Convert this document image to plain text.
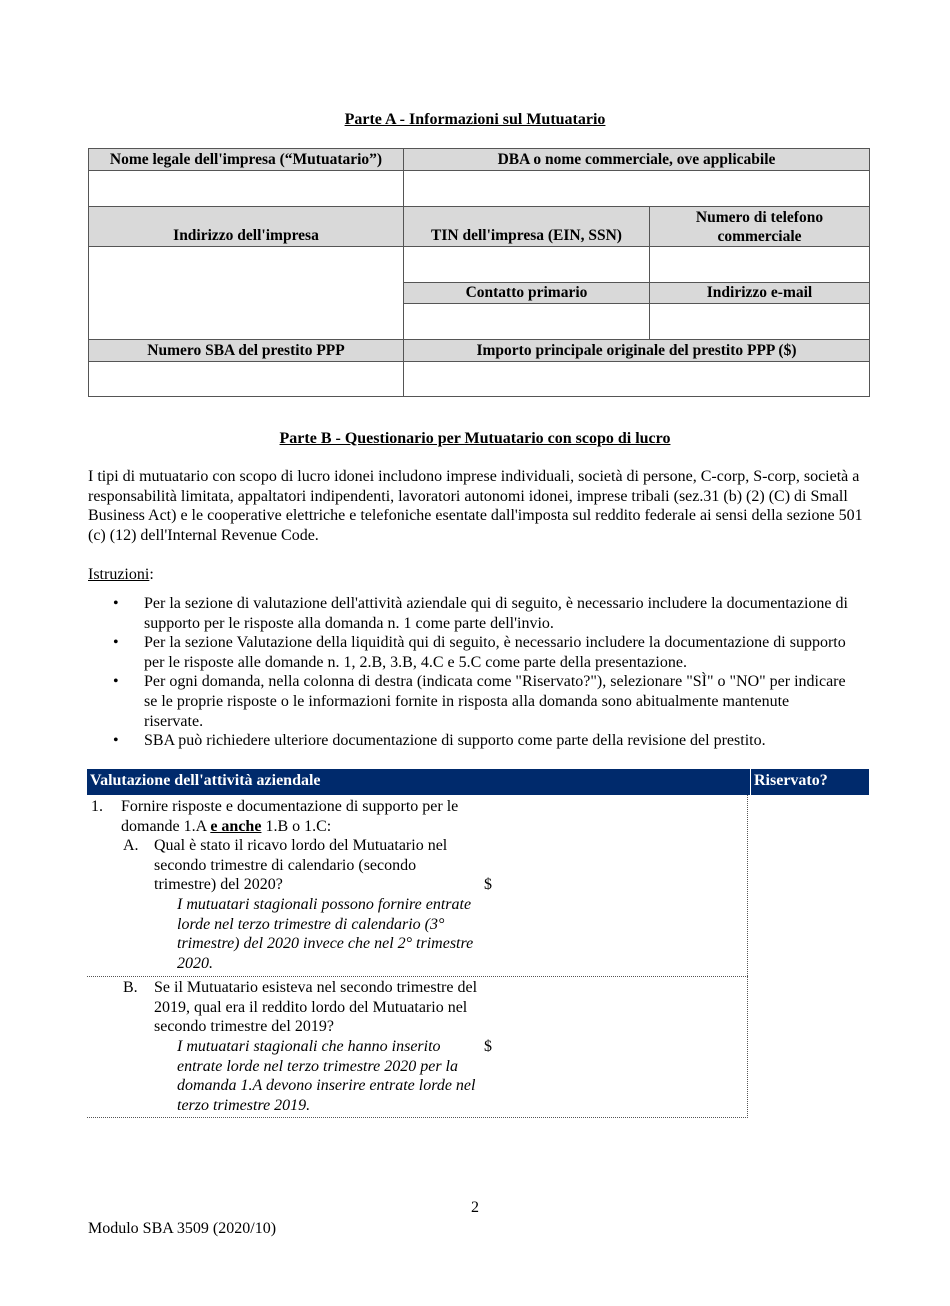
Parte A - Informazioni sul Mutuatario
Nome legale dell'impresa (“Mutuatario”)	DBA o nome commerciale, ove applicabile	

Indirizzo dell'impresa	TIN dell'impresa (EIN, SSN)	Numero di telefono commerciale

	Contatto primario	Indirizzo e-mail

Numero SBA del prestito PPP	Importo principale originale del prestito PPP ($)	

Parte B - Questionario per Mutuatario con scopo di lucro
I tipi di mutuatario con scopo di lucro idonei includono imprese individuali, società di persone, C-corp, S-corp, società a responsabilità limitata, appaltatori indipendenti, lavoratori autonomi idonei, imprese tribali (sez.31 (b) (2) (C) di Small Business Act) e le cooperative elettriche e telefoniche esentate dall'imposta sul reddito federale ai sensi della sezione 501 (c) (12) dell'Internal Revenue Code.
Istruzioni:
• Per la sezione di valutazione dell'attività aziendale qui di seguito, è necessario includere la documentazione di supporto per le risposte alla domanda n. 1 come parte dell'invio.
• Per la sezione Valutazione della liquidità qui di seguito, è necessario includere la documentazione di supporto per le risposte alle domande n. 1, 2.B, 3.B, 4.C e 5.C come parte della presentazione.
• Per ogni domanda, nella colonna di destra (indicata come "Riservato?"), selezionare "SÌ" o "NO" per indicare se le proprie risposte o le informazioni fornite in risposta alla domanda sono abitualmente mantenute riservate.
• SBA può richiedere ulteriore documentazione di supporto come parte della revisione del prestito.
Valutazione dell'attività aziendale	Riservato?
1. Fornire risposte e documentazione di supporto per le domande 1.A e anche 1.B o 1.C:
A. Qual è stato il ricavo lordo del Mutuatario nel secondo trimestre di calendario (secondo trimestre) del 2020?
I mutuatari stagionali possono fornire entrate lorde nel terzo trimestre di calendario (3° trimestre) del 2020 invece che nel 2° trimestre 2020.
$
B. Se il Mutuatario esisteva nel secondo trimestre del 2019, qual era il reddito lordo del Mutuatario nel secondo trimestre del 2019?
I mutuatari stagionali che hanno inserito entrate lorde nel terzo trimestre 2020 per la domanda 1.A devono inserire entrate lorde nel terzo trimestre 2019.
$
2
Modulo SBA 3509 (2020/10)
